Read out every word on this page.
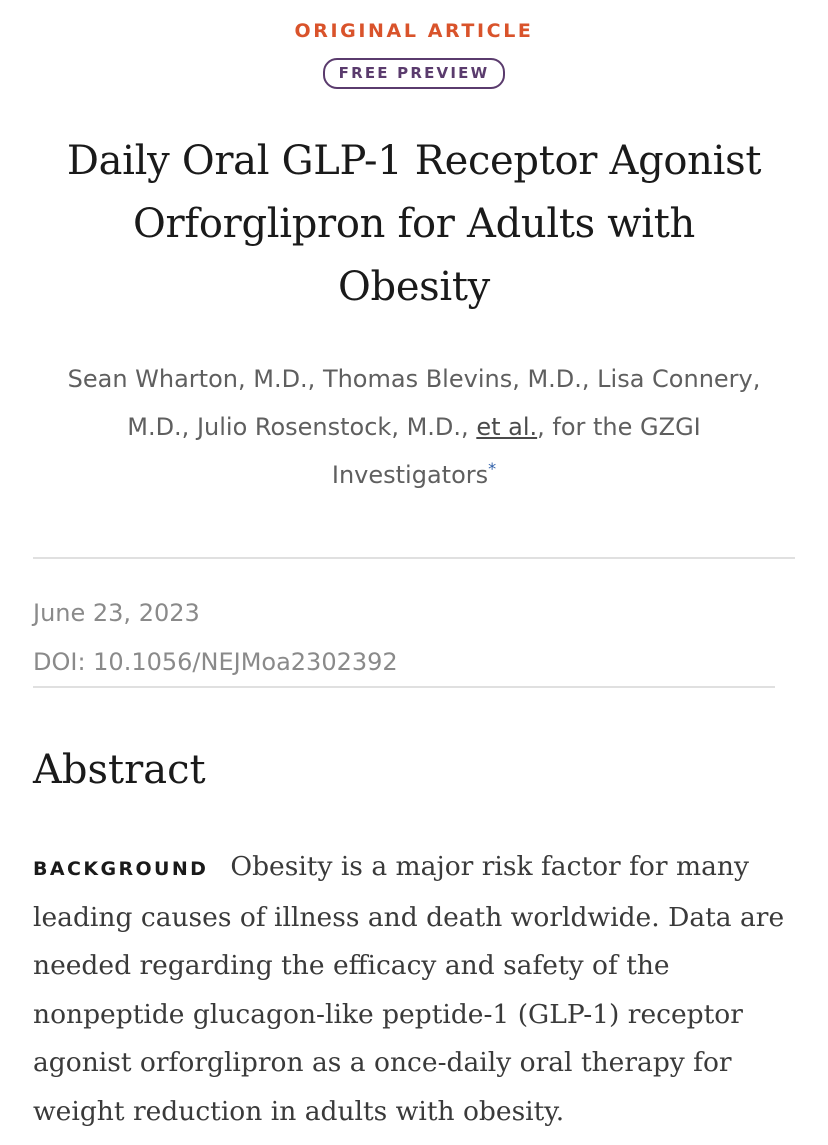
ORIGINAL ARTICLE
FREE PREVIEW
Daily Oral GLP-1 Receptor Agonist Orforglipron for Adults with Obesity
Sean Wharton, M.D., Thomas Blevins, M.D., Lisa Connery, M.D., Julio Rosenstock, M.D., et al., for the GZGI Investigators*
June 23, 2023
DOI: 10.1056/NEJMoa2302392
Abstract
BACKGROUND Obesity is a major risk factor for many leading causes of illness and death worldwide. Data are needed regarding the efficacy and safety of the nonpeptide glucagon-like peptide-1 (GLP-1) receptor agonist orforglipron as a once-daily oral therapy for weight reduction in adults with obesity.
